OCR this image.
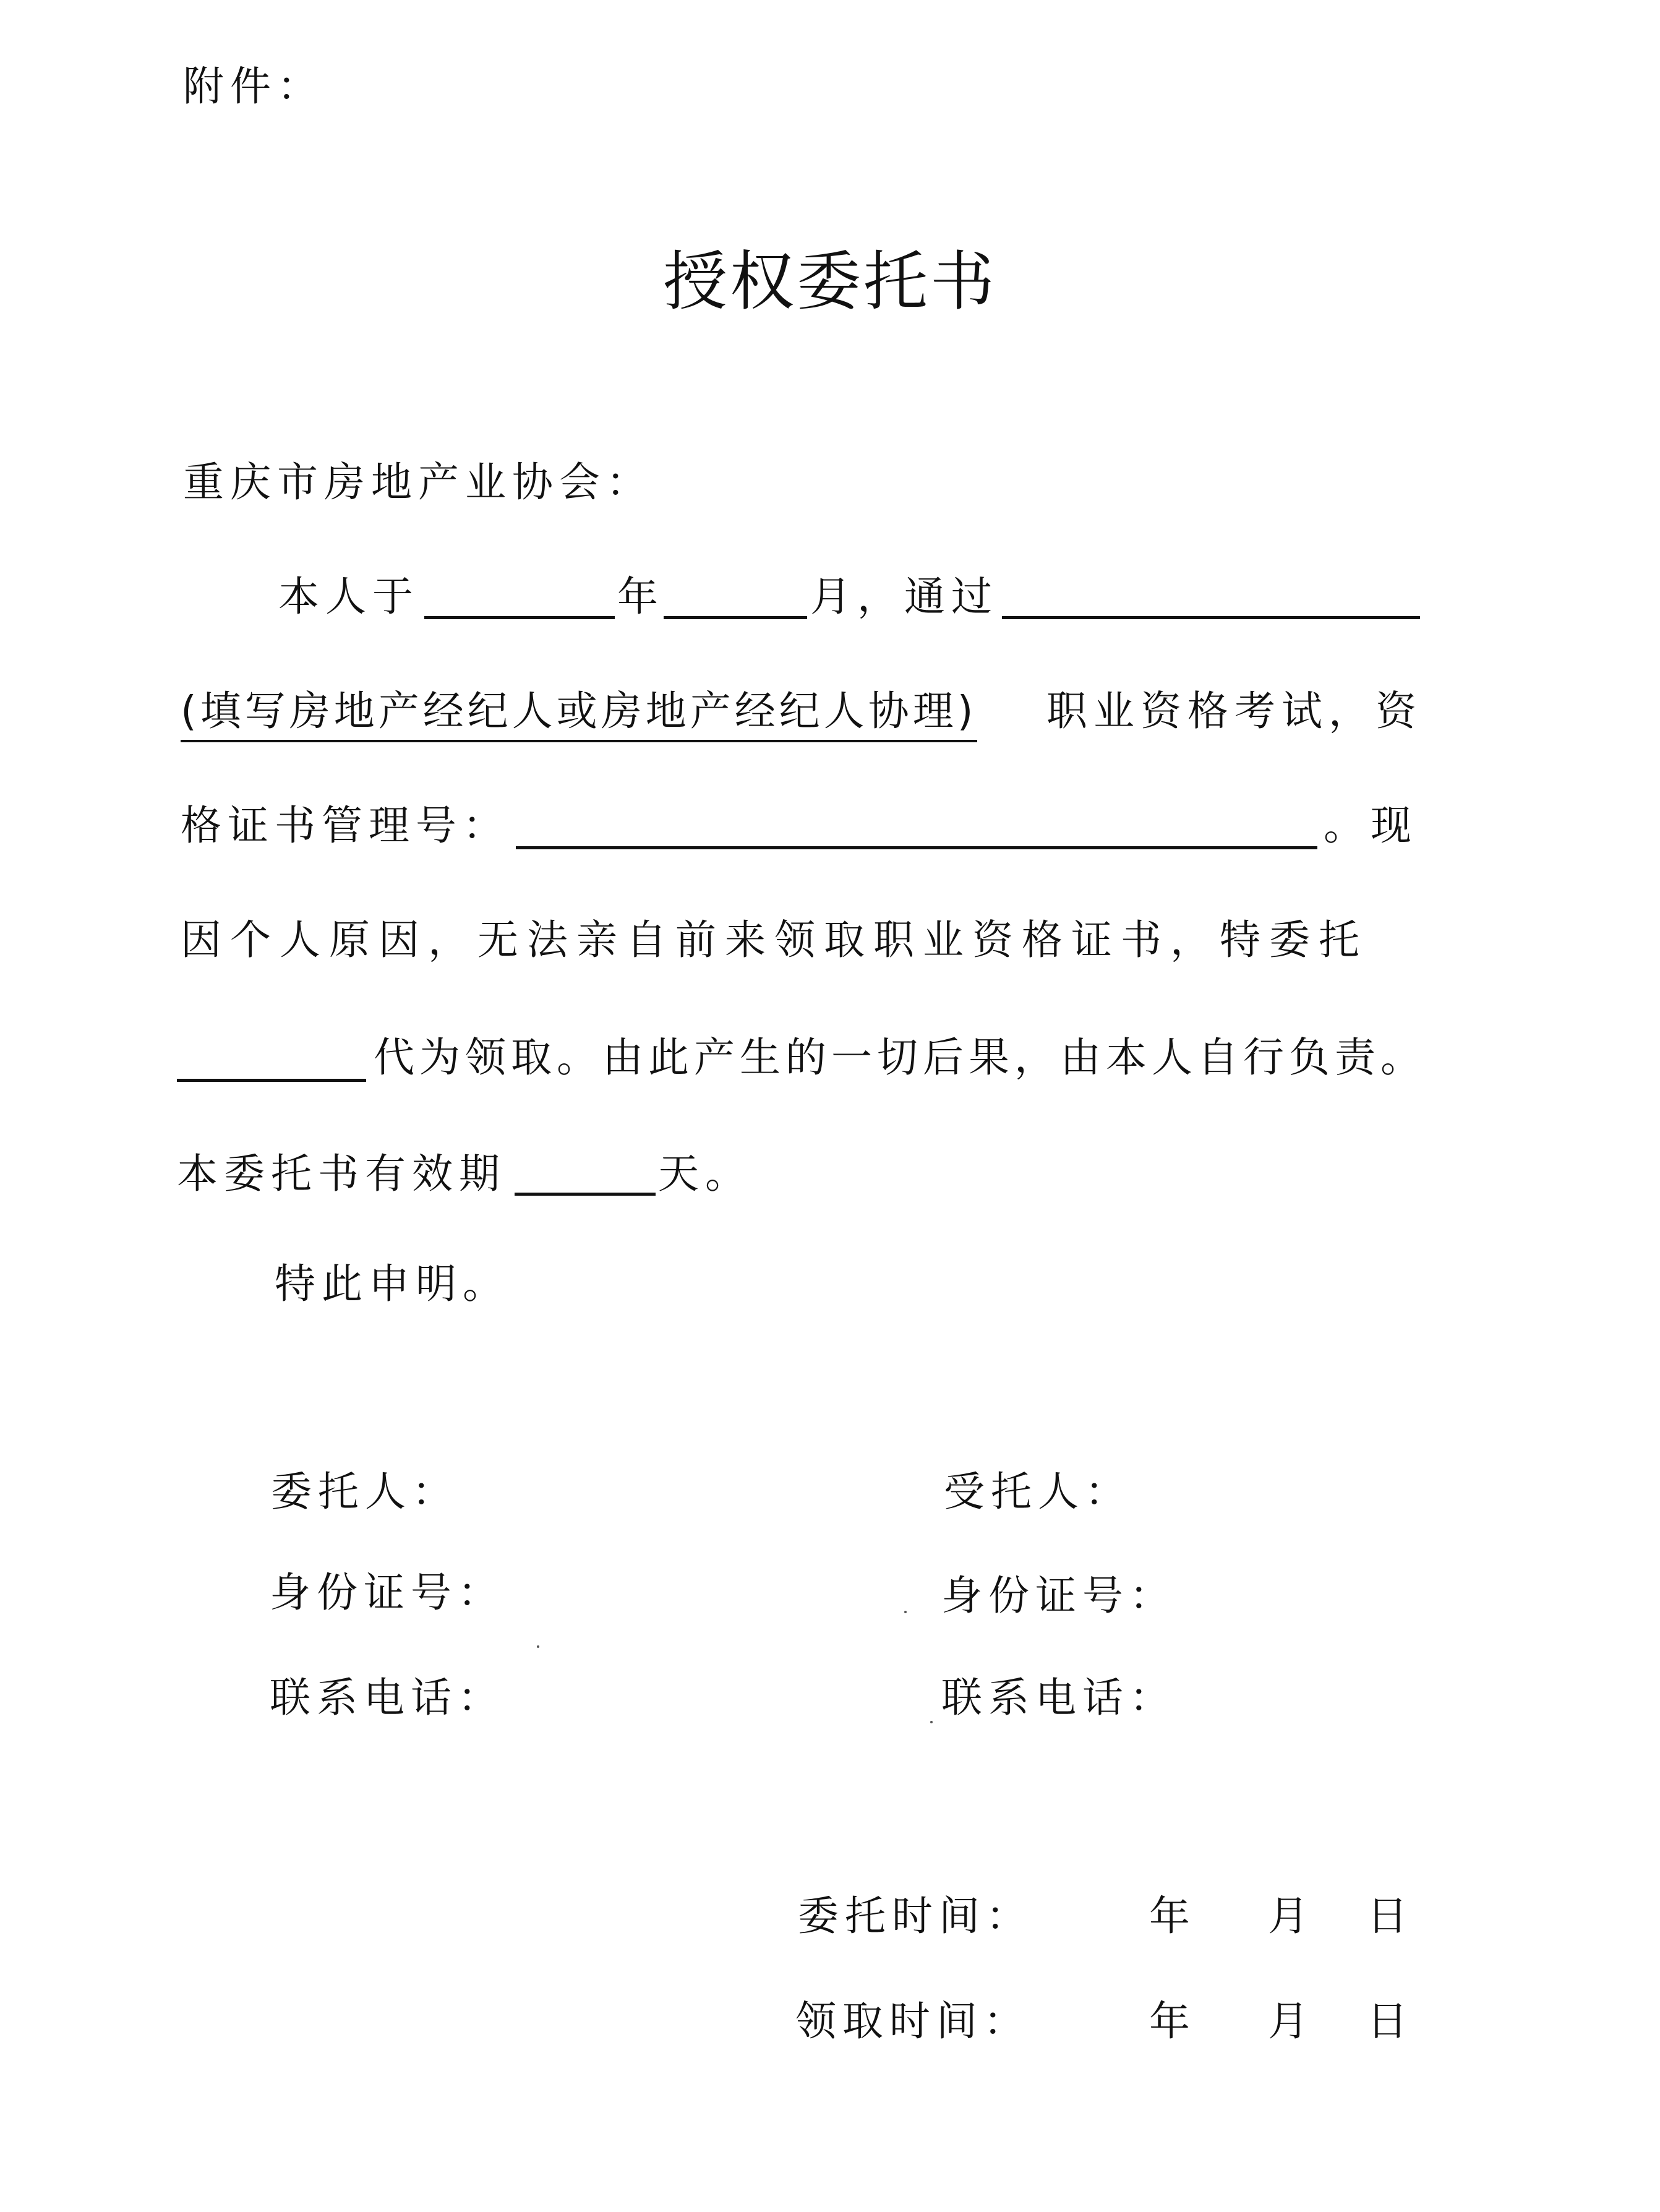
附件：
授权委托书
重庆市房地产业协会：
本人于	年	月，通过
(填写房地产经纪人或房地产经纪人协理) 职业资格考试，资
格证书管理号：	。现
因个人原因，无法亲自前来领取职业资格证书，特委托
代为领取。由此产生的一切后果，由本人自行负责。
本委托书有效期	天。
特此申明。
委托人：
身份证号：
联系电话：
受托人：
身份证号：
联系电话：
委托时间：	年 月 日
领取时间：	年 月 日
